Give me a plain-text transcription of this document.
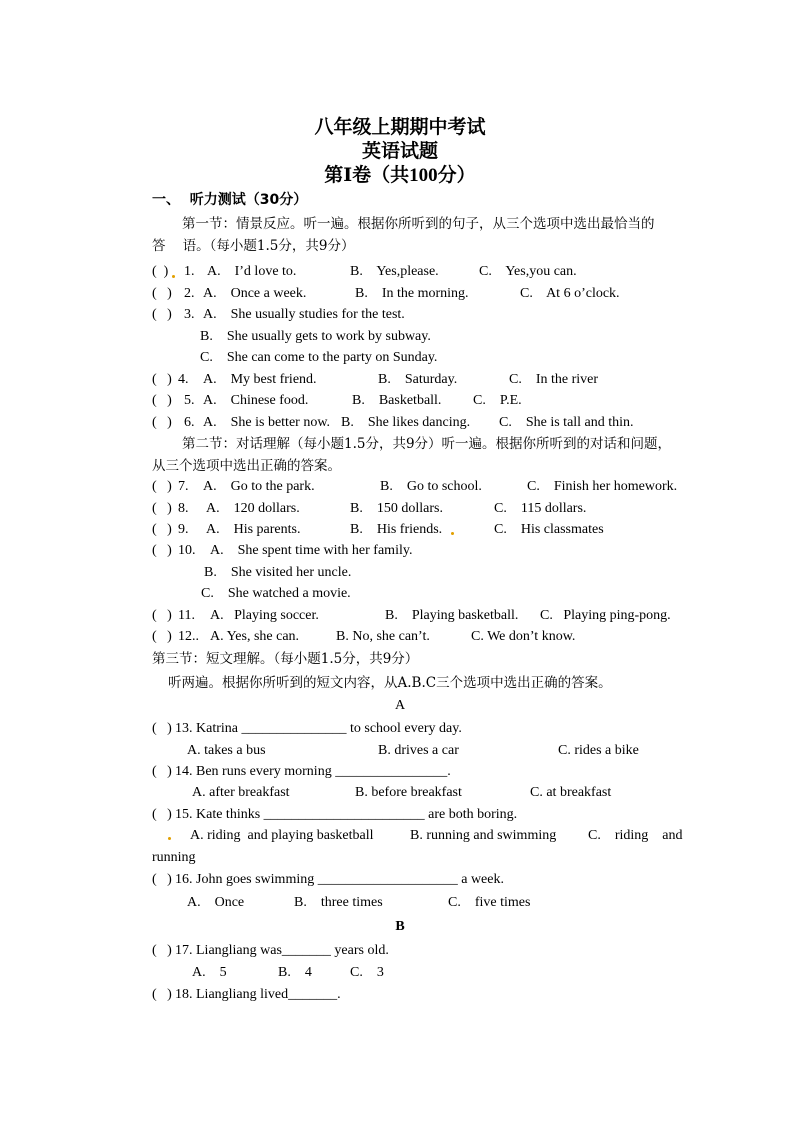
八年级上期期中考试
英语试题
第Ⅰ卷（共100分）
一、  听力测试（30分）
第一节：情景反应。听一遍。根据你所听到的句子，从三个选项中选出最恰当的
答    语。（每小题1.5分，共9分）
(  ) 1. A.    I’d love to.	B.    Yes,please.	C.    Yes,you can.
(   ) 2. A.    Once a week.	B.    In the morning.	C.    At 6 o’clock.
(   ) 3. A.    She usually studies for the test.
B.    She usually gets to work by subway.
C.    She can come to the party on Sunday.
(   ) 4. A.    My best friend.	B.    Saturday.	C.    In the river
(   ) 5. A.    Chinese food.	B.    Basketball. C.    P.E.
(   ) 6. A.    She is better now. B.    She likes dancing. C.    She is tall and thin.
第二节：对话理解（每小题1.5分，共9分）听一遍。根据你所听到的对话和问题，
从三个选项中选出正确的答案。
(   ) 7. A.    Go to the park.	B.    Go to school.	C.    Finish her homework.
(   ) 8. A.    120 dollars.	B.    150 dollars.	C.    115 dollars.
(   ) 9. A.    His parents.	B.    His friends.	C.    His classmates
(   ) 10. A.    She spent time with her family.
B.    She visited her uncle.
C.    She watched a movie.
(   ) 11. A.   Playing soccer.	B.    Playing basketball. C.   Playing ping-pong.
(   ) 12.. A. Yes, she can.	B. No, she can’t.	C. We don’t know.
第三节：短文理解。（每小题1.5分，共9分）
听两遍。根据你所听到的短文内容，从A.B.C三个选项中选出正确的答案。
A
(   ) 13. Katrina _______________ to school every day.
A. takes a bus	B. drives a car	C. rides a bike
(   ) 14. Ben runs every morning ________________.
A. after breakfast	B. before breakfast	C. at breakfast
(   ) 15. Kate thinks _______________________ are both boring.
A. riding  and playing basketball	B. running and swimming C.    riding    and
running
(   ) 16. John goes swimming ____________________ a week.
A.    Once	B.    three times	C.    five times
B
(   ) 17. Liangliang was_______ years old.
A.    5	B.    4	C.    3
(   ) 18. Liangliang lived_______.
